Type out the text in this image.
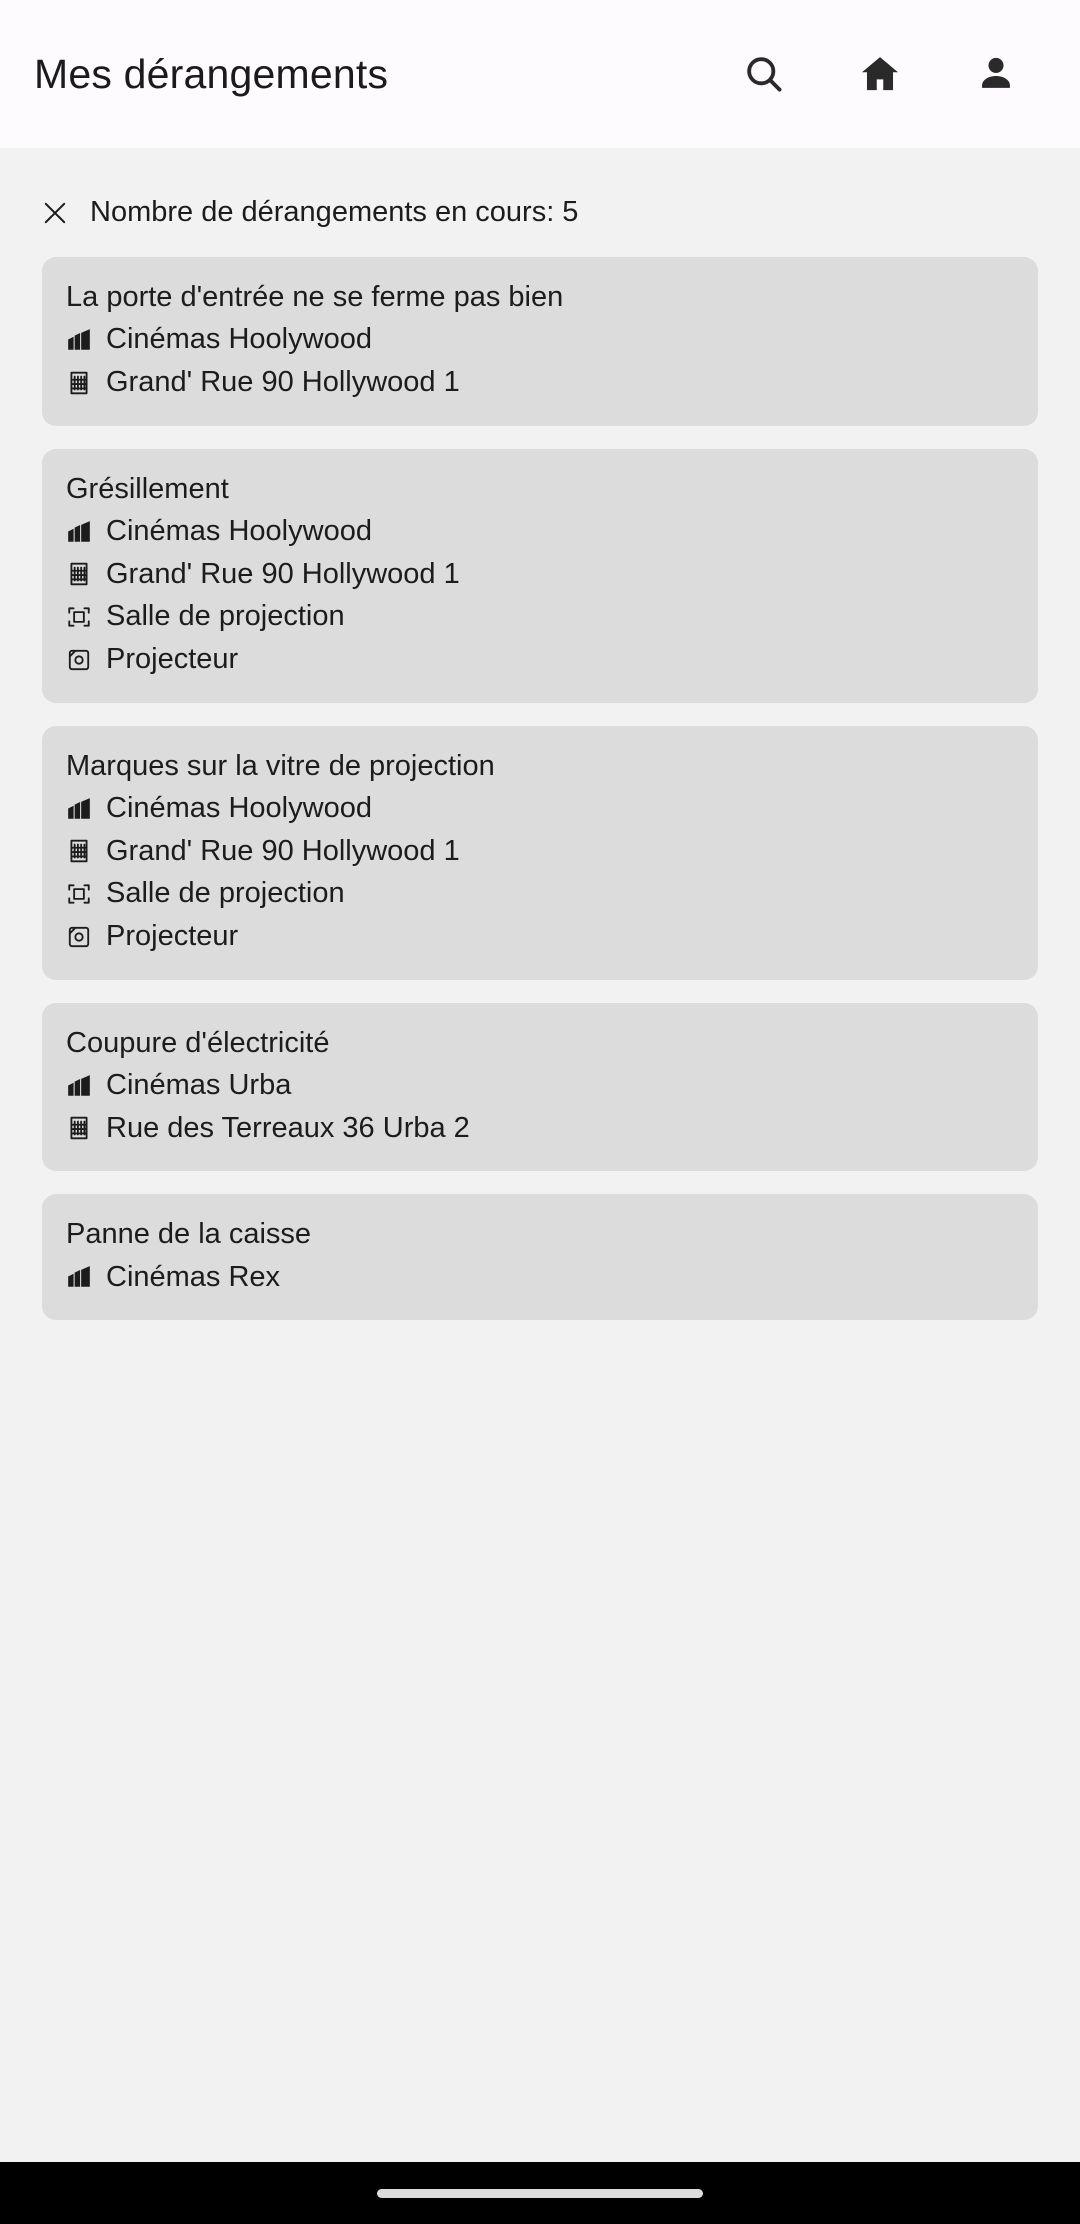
Mes dérangements
Nombre de dérangements en cours: 5
La porte d'entrée ne se ferme pas bien
Cinémas Hoolywood
Grand' Rue 90 Hollywood 1
Grésillement
Cinémas Hoolywood
Grand' Rue 90 Hollywood 1
Salle de projection
Projecteur
Marques sur la vitre de projection
Cinémas Hoolywood
Grand' Rue 90 Hollywood 1
Salle de projection
Projecteur
Coupure d'électricité
Cinémas Urba
Rue des Terreaux 36 Urba 2
Panne de la caisse
Cinémas Rex
